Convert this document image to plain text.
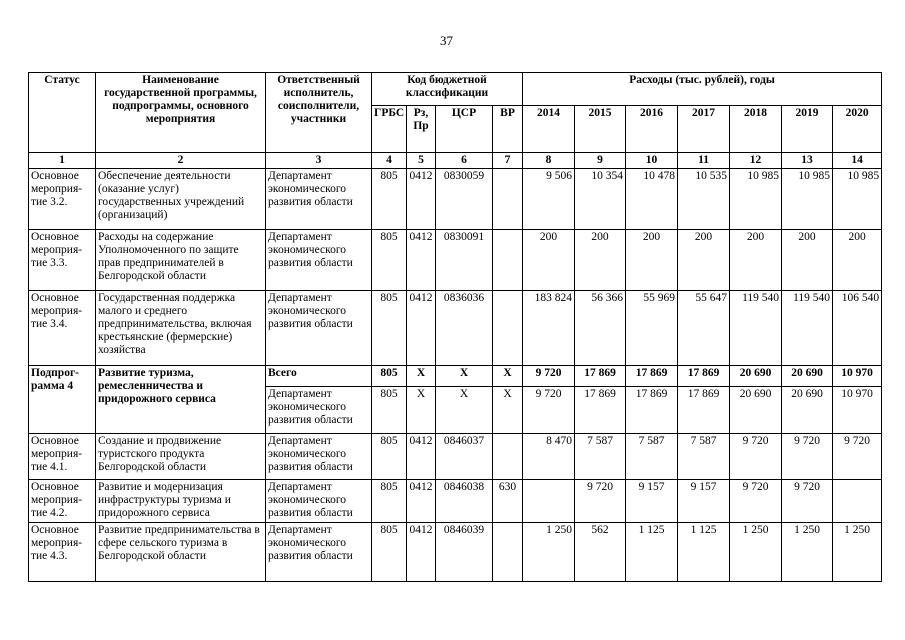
37
Статус	Наименование государственной программы, подпрограммы, основного мероприятия	Ответственный исполнитель, соисполнители, участники	Код бюджетной классификации				Расходы (тыс. рублей), годы						
			ГРБС	Рз, Пр	ЦСР	ВР	2014	2015	2016	2017	2018	2019	2020
1	2	3	4	5	6	7	8	9	10	11	12	13	14
Основное мероприя-тие 3.2.	Обеспечение деятельности (оказание услуг) государственных учреждений (организаций)	Департамент экономического развития области	805	0412	0830059		9 506	10 354	10 478	10 535	10 985	10 985	10 985
Основное мероприя-тие 3.3.	Расходы на содержание Уполномоченного по защите прав предпринимателей в Белгородской области	Департамент экономического развития области	805	0412	0830091		200	200	200	200	200	200	200
Основное мероприя-тие 3.4.	Государственная поддержка малого и среднего предпринимательства, включая крестьянские (фермерские) хозяйства	Департамент экономического развития области	805	0412	0836036		183 824	56 366	55 969	55 647	119 540	119 540	106 540
Подпрог-рамма 4	Развитие туризма, ремесленничества и придорожного сервиса	Всего	805	Х	Х	Х	9 720	17 869	17 869	17 869	20 690	20 690	10 970
		Департамент экономического развития области	805	Х	Х	Х	9 720	17 869	17 869	17 869	20 690	20 690	10 970
Основное мероприя-тие 4.1.	Создание и продвижение туристского продукта Белгородской области	Департамент экономического развития области	805	0412	0846037		8 470	7 587	7 587	7 587	9 720	9 720	9 720
Основное мероприя-тие 4.2.	Развитие и модернизация инфраструктуры туризма и придорожного сервиса	Департамент экономического развития области	805	0412	0846038	630		9 720	9 157	9 157	9 720	9 720	
Основное мероприя-тие 4.3.	Развитие предпринимательства в сфере сельского туризма в Белгородской области	Департамент экономического развития области	805	0412	0846039		1 250	562	1 125	1 125	1 250	1 250	1 250
